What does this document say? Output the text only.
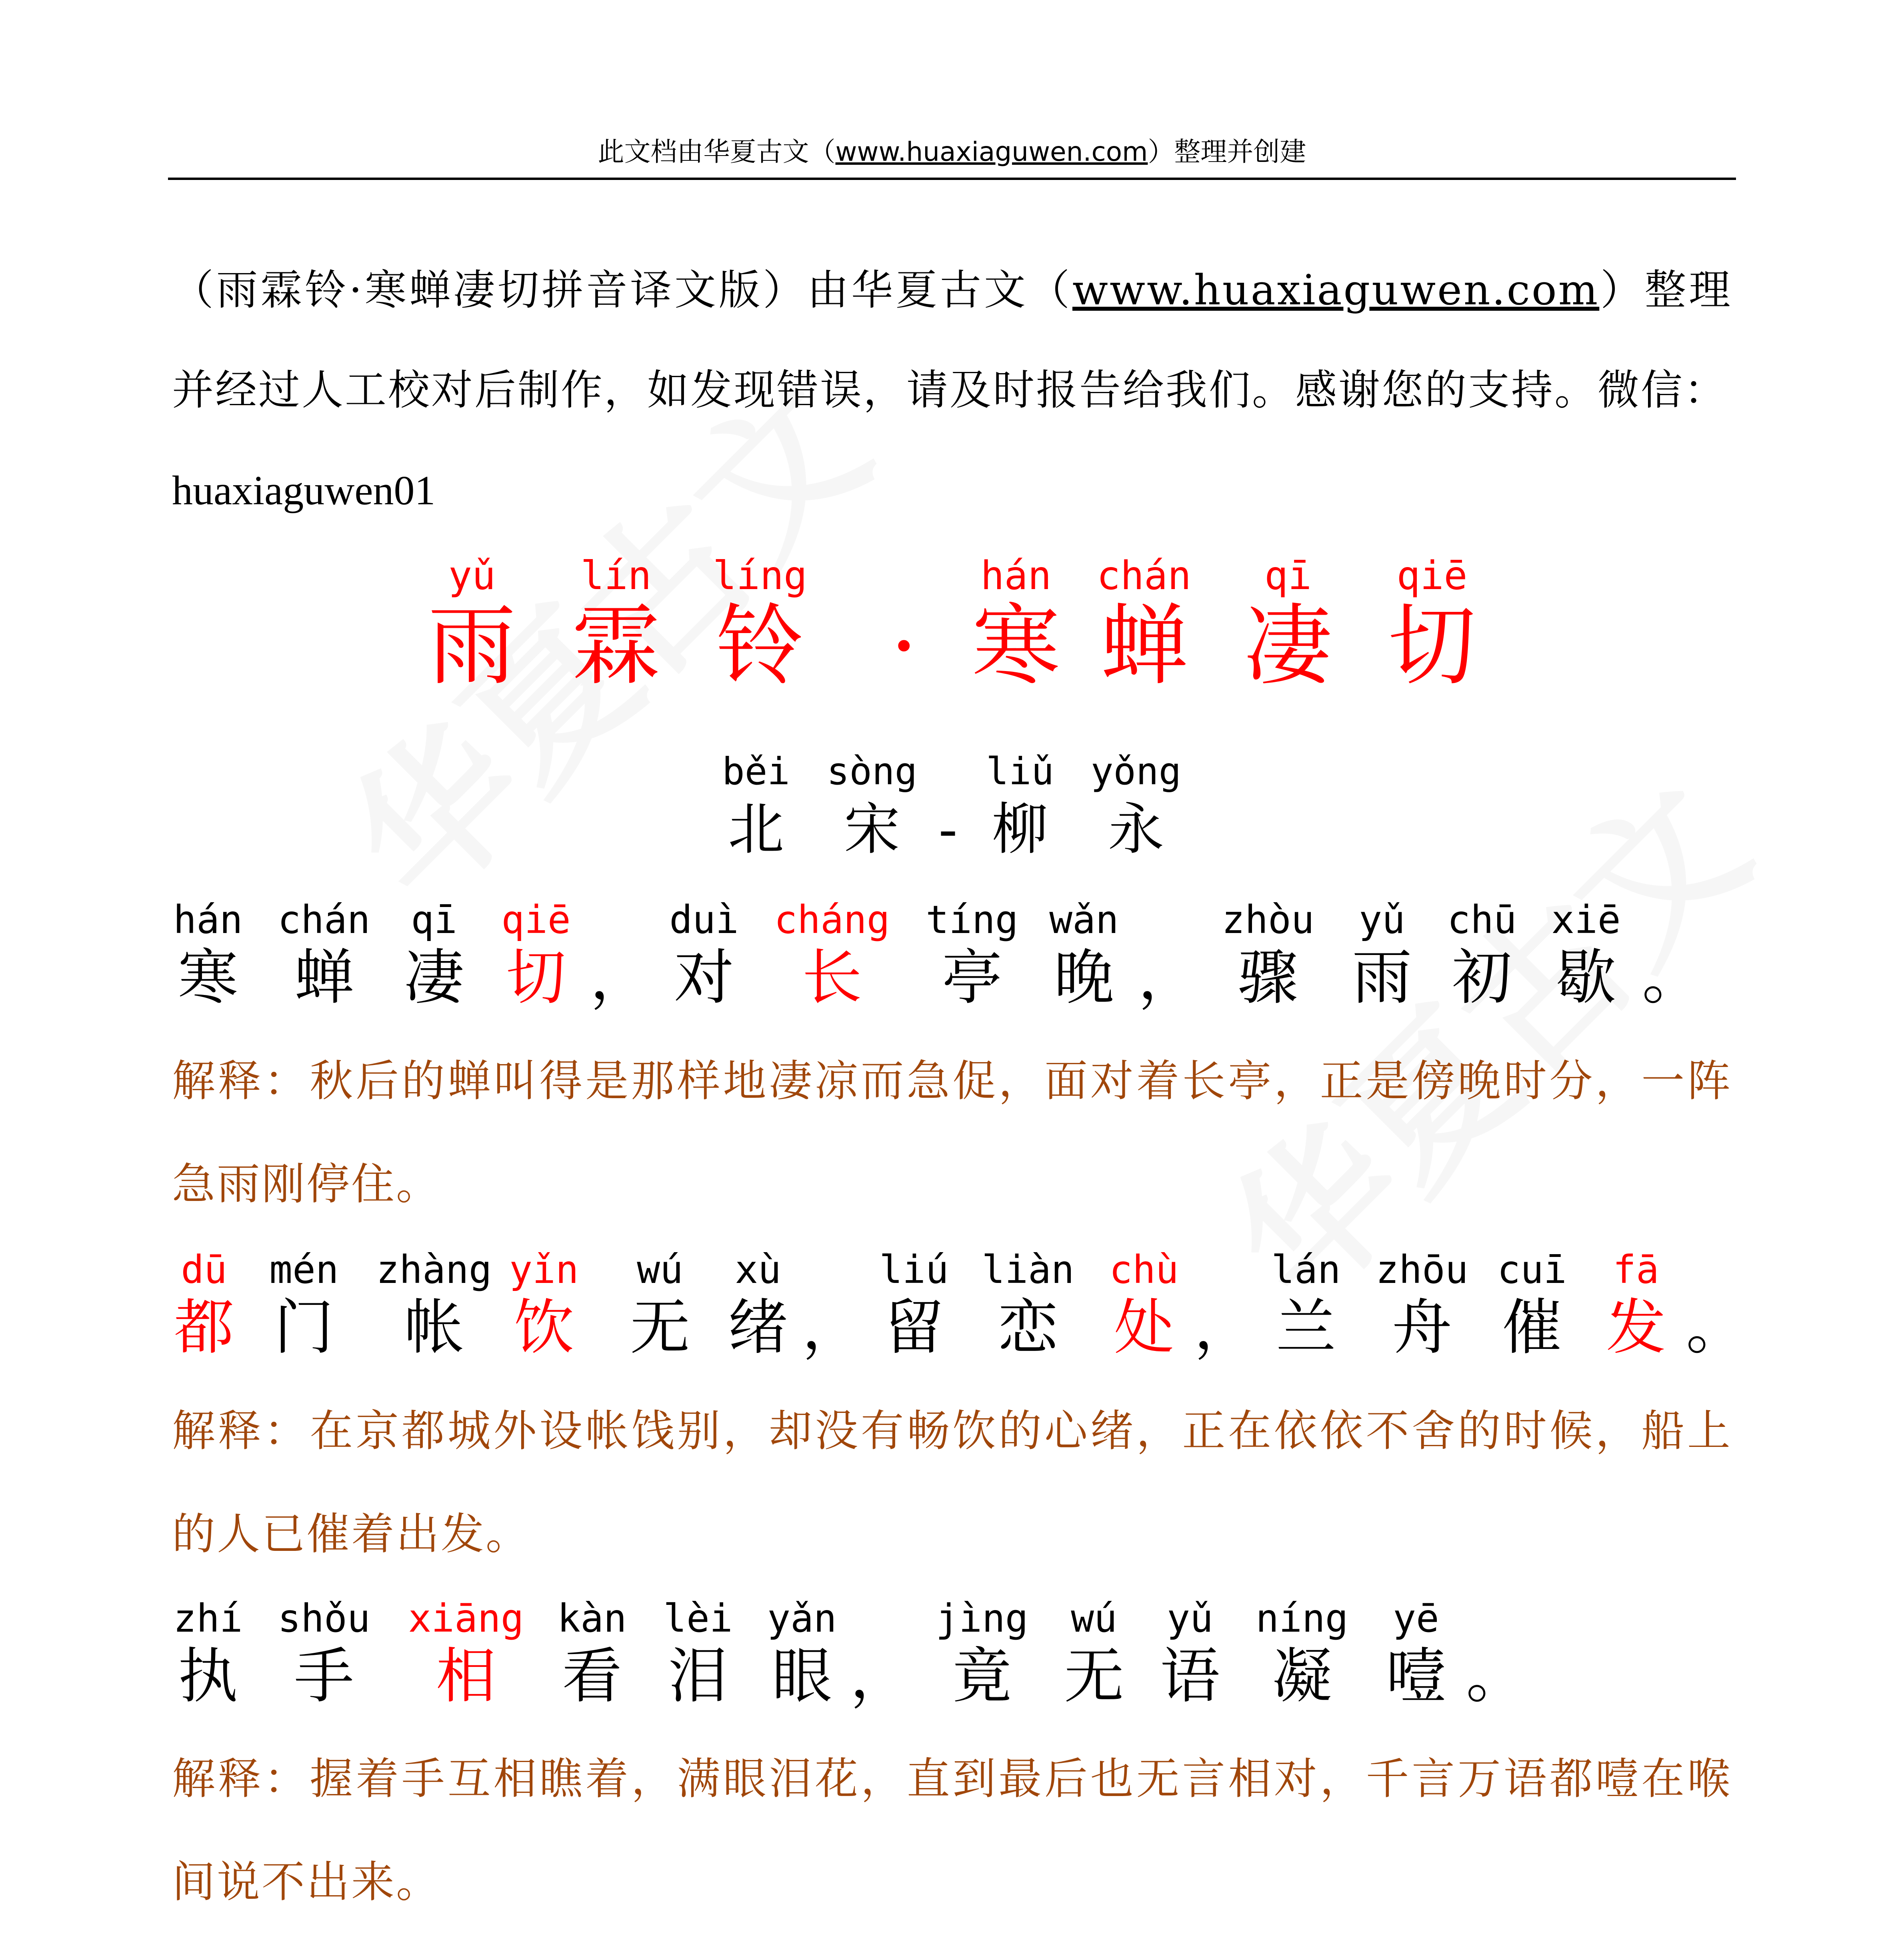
此文档由华夏古文（www.huaxiaguwen.com）整理并创建
（雨霖铃·寒蝉凄切拼音译文版）由华夏古文（www.huaxiaguwen.com）整理并经过人工校对后制作，如发现错误，请及时报告给我们。感谢您的支持。微信：
huaxiaguwen01
yǔ
雨
lín
霖
líng
铃 ·
hán
寒
chán
蝉
qī
凄
qiē
切
běi
北
sòng
宋 -
liǔ
柳
yǒng
永
hán
寒
chán
蝉
qī
凄
qiē
切 ，
duì
对
cháng
长
tíng
亭
wǎn
晚 ，
zhòu
骤
yǔ
雨
chū
初
xiē
歇 。
解释：秋后的蝉叫得是那样地凄凉而急促，面对着长亭，正是傍晚时分，一阵急雨刚停住。
dū
都
mén
门
zhàng
帐
yǐn
饮
wú
无
xù
绪 ，
liú
留
liàn
恋
chù
处 ，
lán
兰
zhōu
舟
cuī
催
fā
发 。
解释：在京都城外设帐饯别，却没有畅饮的心绪，正在依依不舍的时候，船上的人已催着出发。
zhí
执
shǒu
手
xiāng
相
kàn
看
lèi
泪
yǎn
眼 ，
jìng
竟
wú
无
yǔ
语
níng
凝
yē
噎 。
解释：握着手互相瞧着，满眼泪花，直到最后也无言相对，千言万语都噎在喉间说不出来。
